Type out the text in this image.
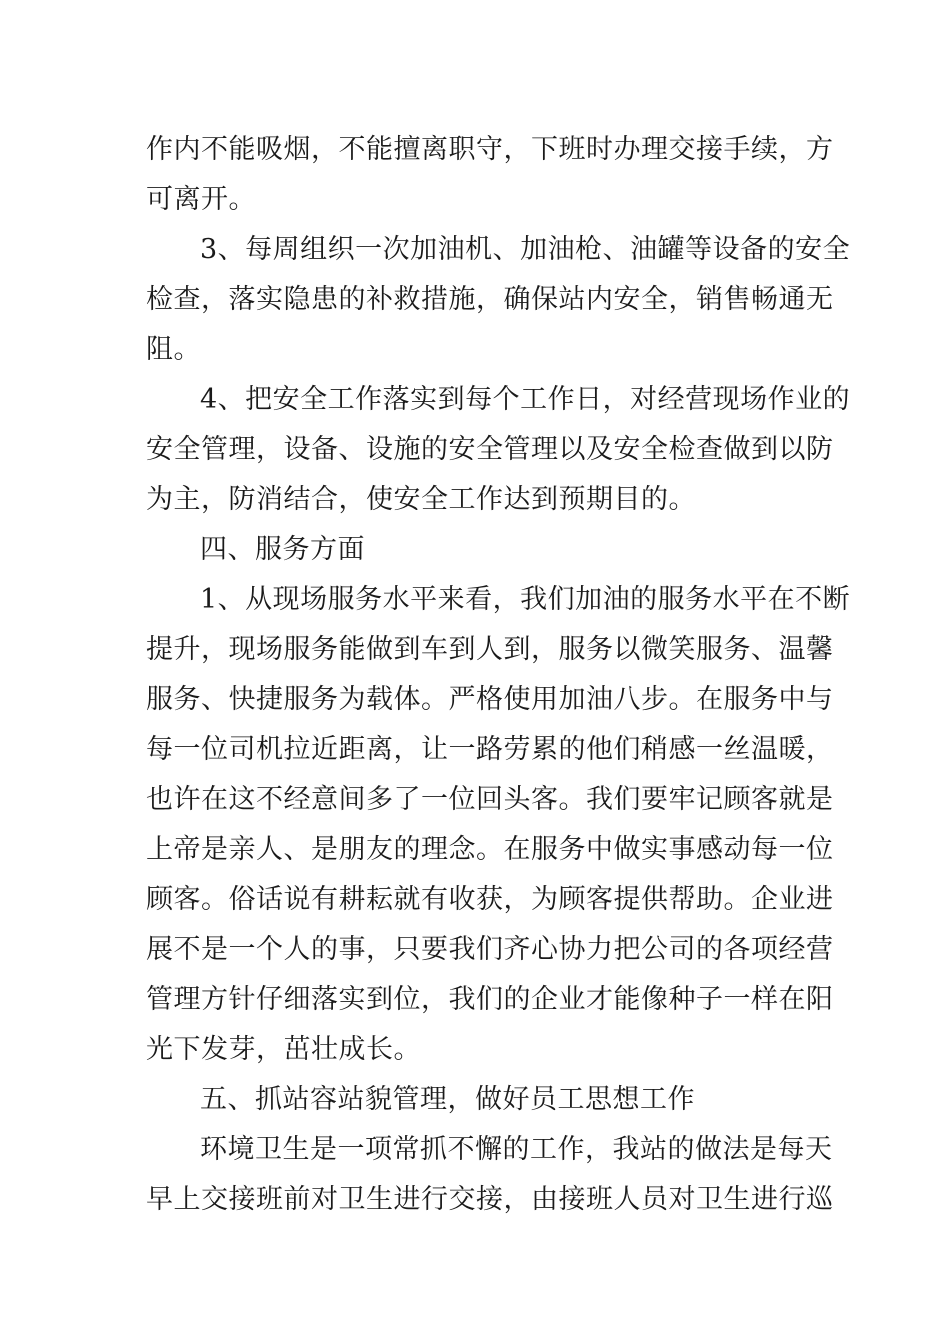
作内不能吸烟，不能擅离职守，下班时办理交接手续，方
可离开。
3、每周组织一次加油机、加油枪、油罐等设备的安全
检查，落实隐患的补救措施，确保站内安全，销售畅通无
阻。
4、把安全工作落实到每个工作日，对经营现场作业的
安全管理，设备、设施的安全管理以及安全检查做到以防
为主，防消结合，使安全工作达到预期目的。
四、服务方面
1、从现场服务水平来看，我们加油的服务水平在不断
提升，现场服务能做到车到人到，服务以微笑服务、温馨
服务、快捷服务为载体。严格使用加油八步。在服务中与
每一位司机拉近距离，让一路劳累的他们稍感一丝温暖，
也许在这不经意间多了一位回头客。我们要牢记顾客就是
上帝是亲人、是朋友的理念。在服务中做实事感动每一位
顾客。俗话说有耕耘就有收获，为顾客提供帮助。企业进
展不是一个人的事，只要我们齐心协力把公司的各项经营
管理方针仔细落实到位，我们的企业才能像种子一样在阳
光下发芽，茁壮成长。
五、抓站容站貌管理，做好员工思想工作
环境卫生是一项常抓不懈的工作，我站的做法是每天
早上交接班前对卫生进行交接，由接班人员对卫生进行巡
